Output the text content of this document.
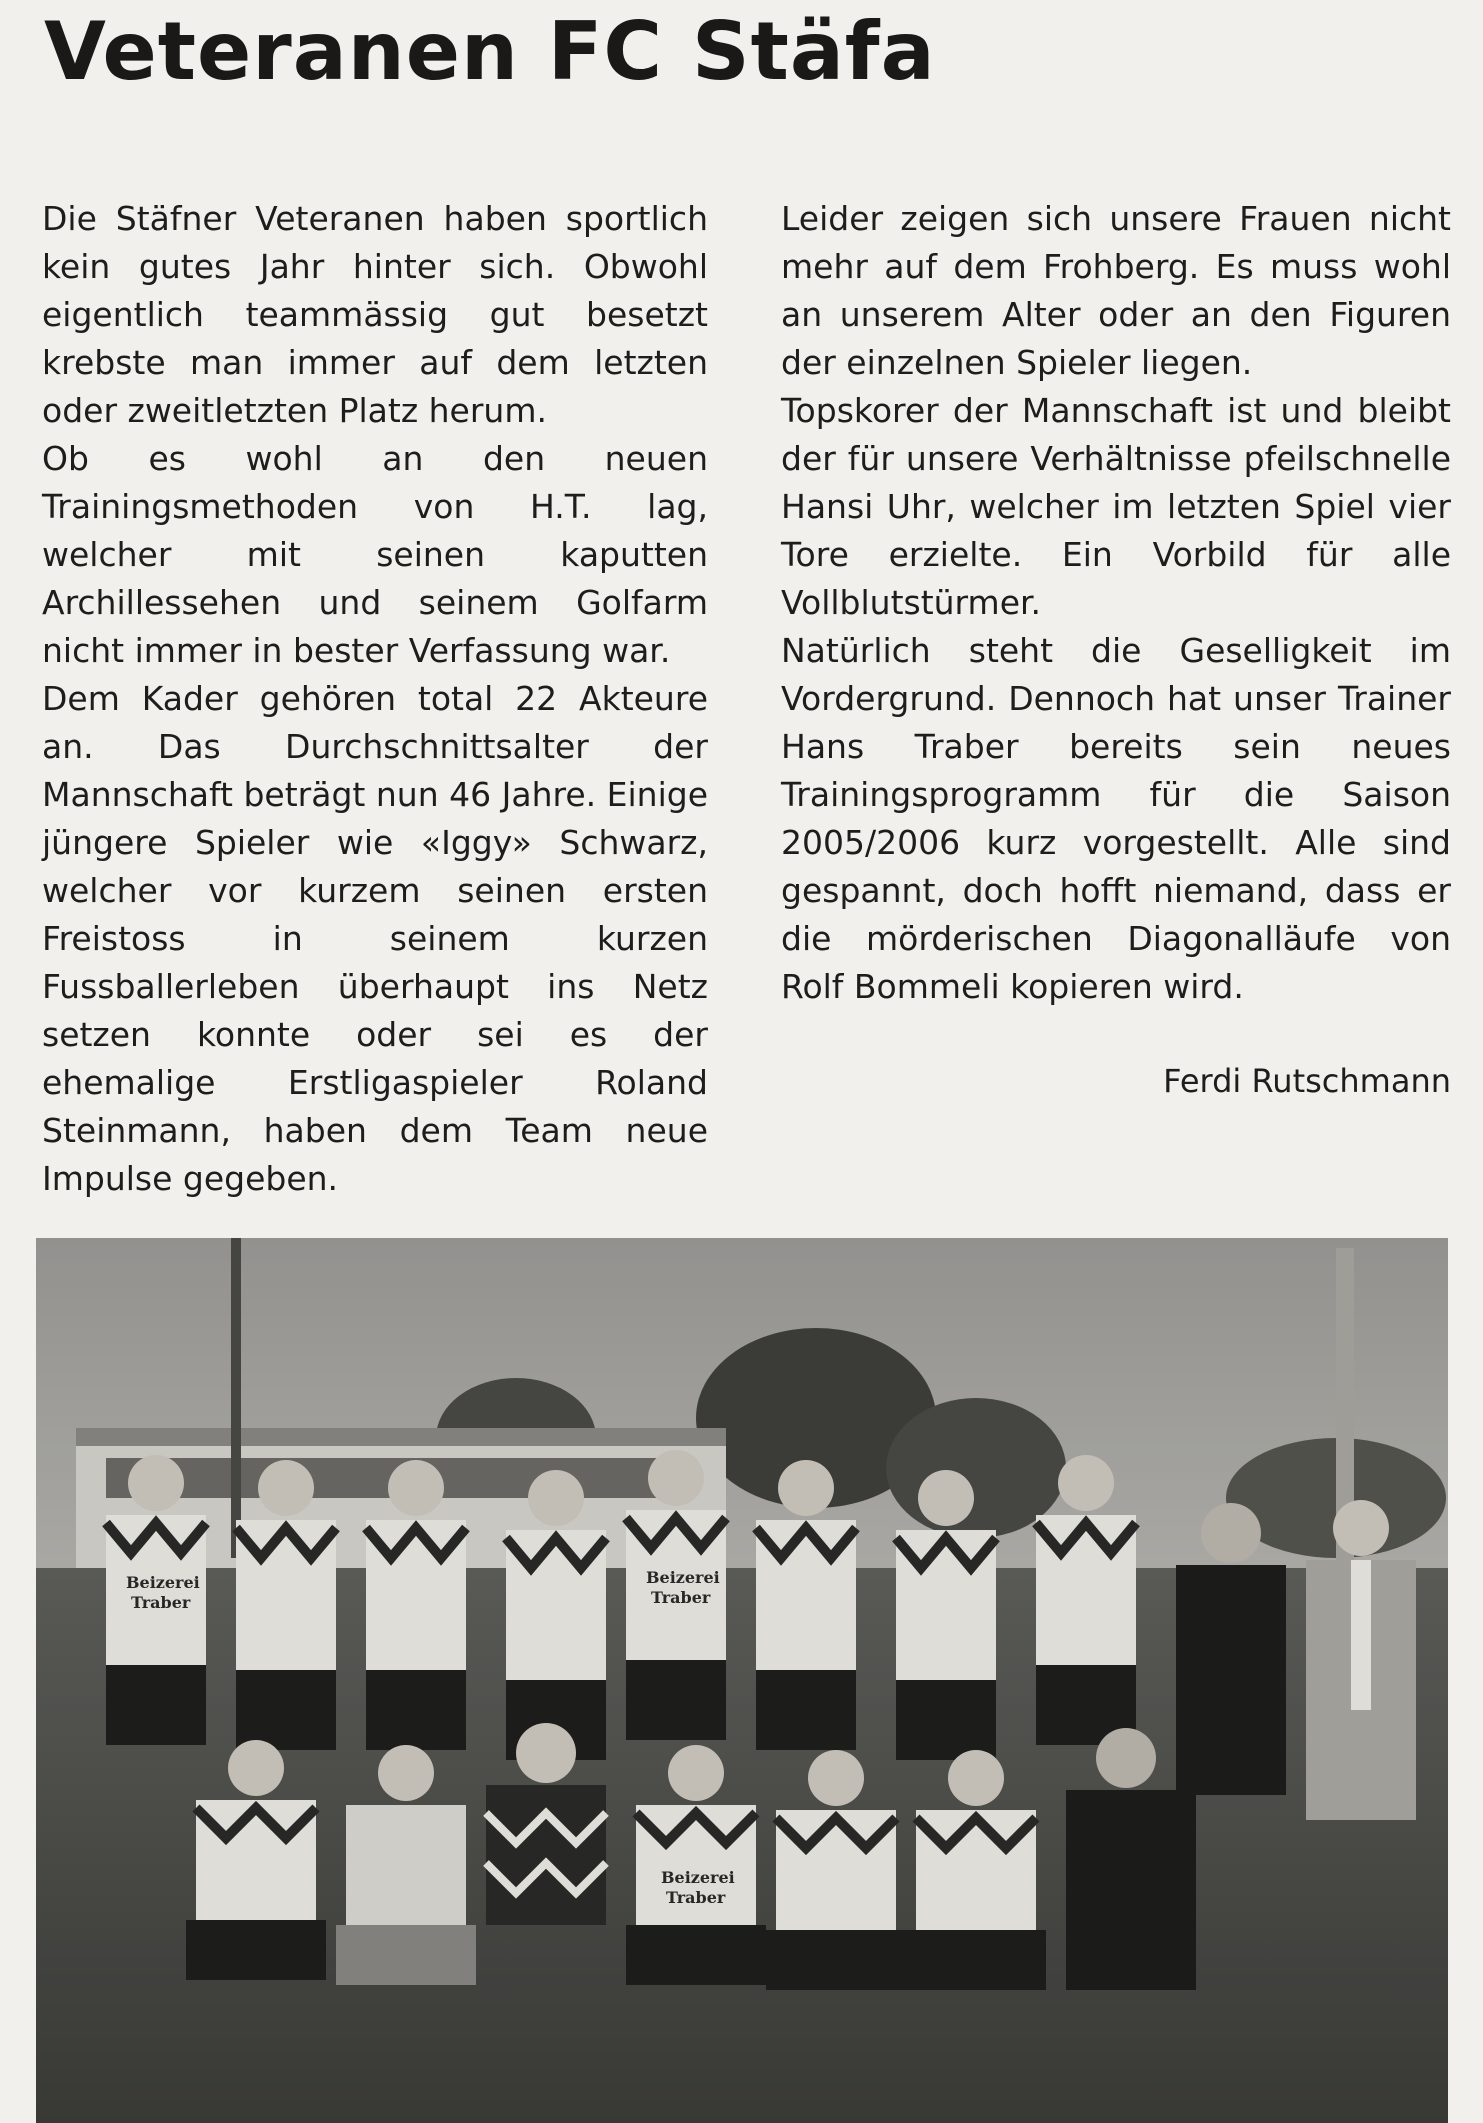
Veteranen FC Stäfa

Die Stäfner Veteranen haben sportlich kein gutes Jahr hinter sich. Obwohl eigentlich teammässig gut besetzt krebste man immer auf dem letzten oder zweitletzten Platz herum.

Ob es wohl an den neuen Trainingsmethoden von H.T. lag, welcher mit seinen kaputten Archillessehen und seinem Golfarm nicht immer in bester Verfassung war.

Dem Kader gehören total 22 Akteure an. Das Durchschnittsalter der Mannschaft beträgt nun 46 Jahre. Einige jüngere Spieler wie «Iggy» Schwarz, welcher vor kurzem seinen ersten Freistoss in seinem kurzen Fussballerleben überhaupt ins Netz setzen konnte oder sei es der ehemalige Erstligaspieler Roland Steinmann, haben dem Team neue Impulse gegeben.

Leider zeigen sich unsere Frauen nicht mehr auf dem Frohberg. Es muss wohl an unserem Alter oder an den Figuren der einzelnen Spieler liegen.

Topskorer der Mannschaft ist und bleibt der für unsere Verhältnisse pfeilschnelle Hansi Uhr, welcher im letzten Spiel vier Tore erzielte. Ein Vorbild für alle Vollblutstürmer.

Natürlich steht die Geselligkeit im Vordergrund. Dennoch hat unser Trainer Hans Traber bereits sein neues Trainingsprogramm für die Saison 2005/2006 kurz vorgestellt. Alle sind gespannt, doch hofft niemand, dass er die mörderischen Diagonalläufe von Rolf Bommeli kopieren wird.

Ferdi Rutschmann
Beizerei
Traber
Beizerei
Traber
Beizerei
Traber
